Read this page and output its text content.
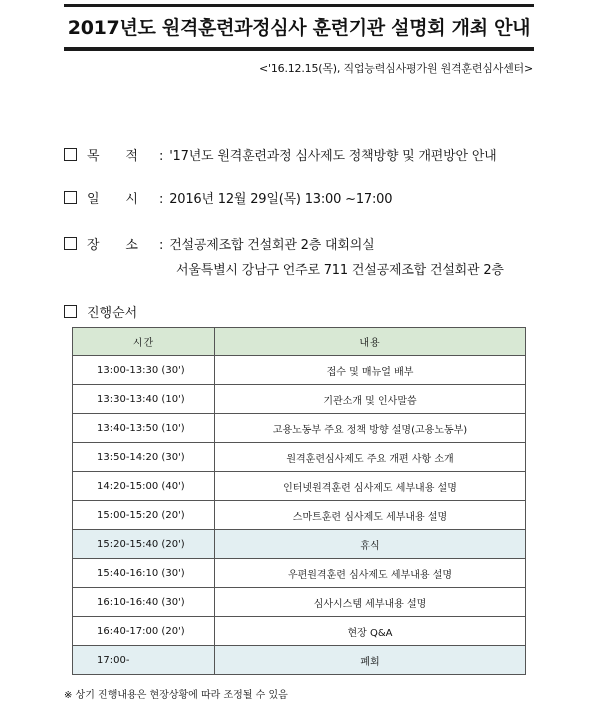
2017년도 원격훈련과정심사 훈련기관 설명회 개최 안내
<'16.12.15(목), 직업능력심사평가원 원격훈련심사센터>
목 적 : '17년도 원격훈련과정 심사제도 정책방향 및 개편방안 안내
일 시 : 2016년 12월 29일(목) 13:00 ~17:00
장 소 : 건설공제조합 건설회관 2층 대회의실
서울특별시 강남구 언주로 711 건설공제조합 건설회관 2층
진행순서
시간	내용
13:00-13:30 (30')	접수 및 매뉴얼 배부
13:30-13:40 (10')	기관소개 및 인사말씀
13:40-13:50 (10')	고용노동부 주요 정책 방향 설명(고용노동부)
13:50-14:20 (30')	원격훈련심사제도 주요 개편 사항 소개
14:20-15:00 (40')	인터넷원격훈련 심사제도 세부내용 설명
15:00-15:20 (20')	스마트훈련 심사제도 세부내용 설명
15:20-15:40 (20')	휴식
15:40-16:10 (30')	우편원격훈련 심사제도 세부내용 설명
16:10-16:40 (30')	심사시스템 세부내용 설명
16:40-17:00 (20')	현장 Q&A
17:00-	폐회
※ 상기 진행내용은 현장상황에 따라 조정될 수 있음
